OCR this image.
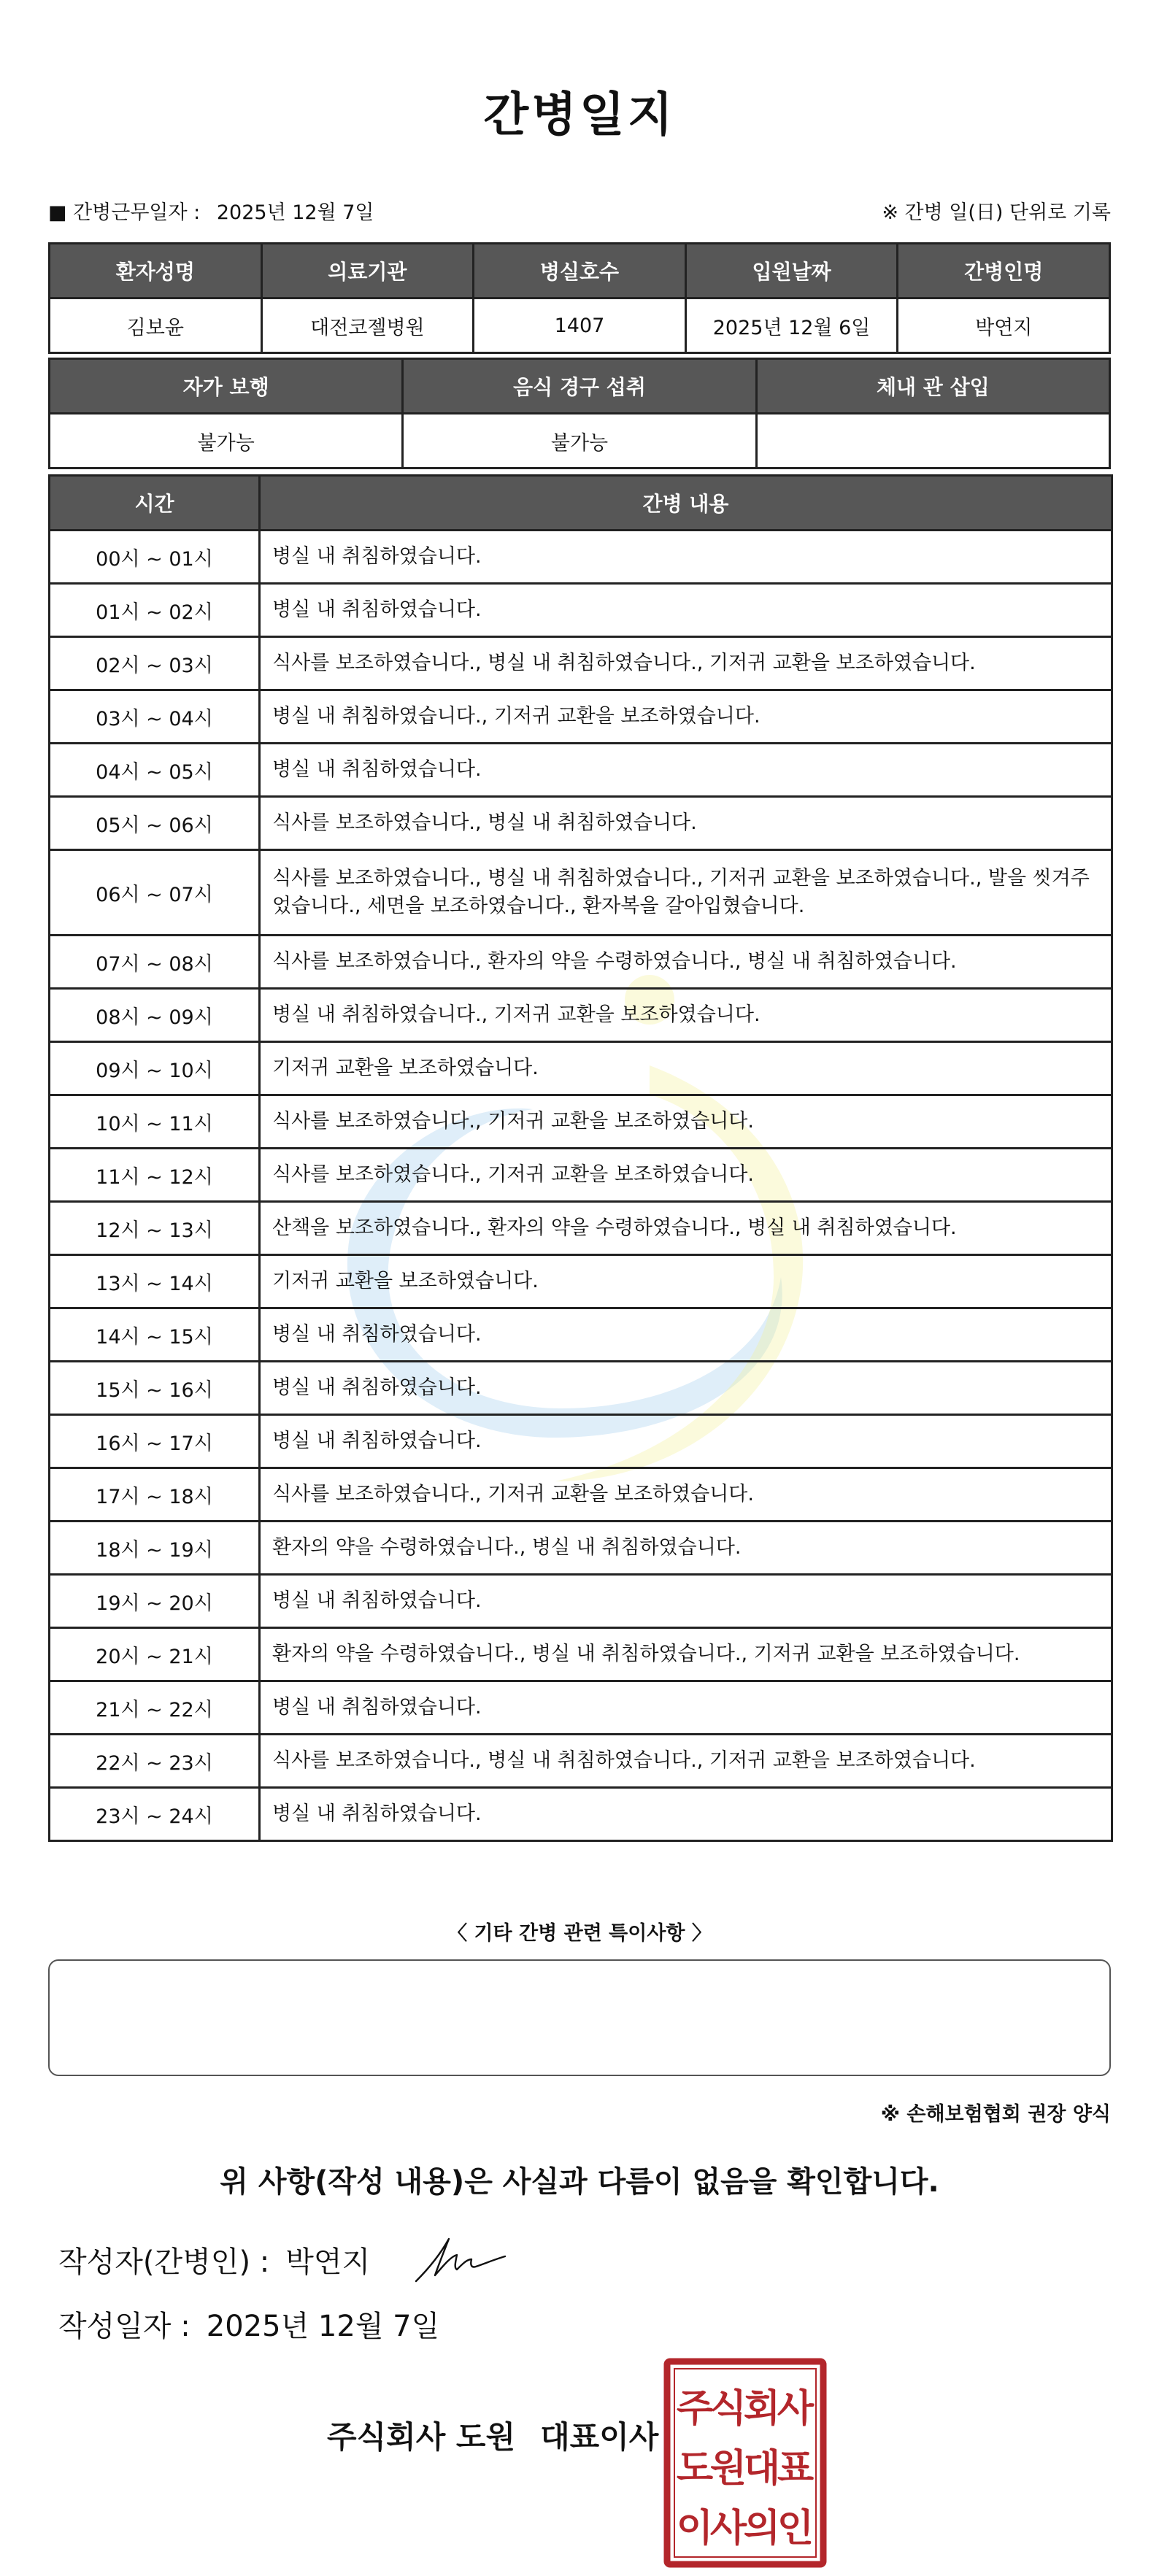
간병일지
■ 간병근무일자 : 2025년 12월 7일	※ 간병 일(日) 단위로 기록
환자성명	의료기관	병실호수	입원날짜	간병인명
김보윤	대전코젤병원	1407	2025년 12월 6일	박연지
자가 보행	음식 경구 섭취	체내 관 삽입
불가능	불가능	
시간	간병 내용
00시 ~ 01시	병실 내 취침하였습니다.
01시 ~ 02시	병실 내 취침하였습니다.
02시 ~ 03시	식사를 보조하였습니다., 병실 내 취침하였습니다., 기저귀 교환을 보조하였습니다.
03시 ~ 04시	병실 내 취침하였습니다., 기저귀 교환을 보조하였습니다.
04시 ~ 05시	병실 내 취침하였습니다.
05시 ~ 06시	식사를 보조하였습니다., 병실 내 취침하였습니다.
06시 ~ 07시	식사를 보조하였습니다., 병실 내 취침하였습니다., 기저귀 교환을 보조하였습니다., 발을 씻겨주었습니다., 세면을 보조하였습니다., 환자복을 갈아입혔습니다.
07시 ~ 08시	식사를 보조하였습니다., 환자의 약을 수령하였습니다., 병실 내 취침하였습니다.
08시 ~ 09시	병실 내 취침하였습니다., 기저귀 교환을 보조하였습니다.
09시 ~ 10시	기저귀 교환을 보조하였습니다.
10시 ~ 11시	식사를 보조하였습니다., 기저귀 교환을 보조하였습니다.
11시 ~ 12시	식사를 보조하였습니다., 기저귀 교환을 보조하였습니다.
12시 ~ 13시	산책을 보조하였습니다., 환자의 약을 수령하였습니다., 병실 내 취침하였습니다.
13시 ~ 14시	기저귀 교환을 보조하였습니다.
14시 ~ 15시	병실 내 취침하였습니다.
15시 ~ 16시	병실 내 취침하였습니다.
16시 ~ 17시	병실 내 취침하였습니다.
17시 ~ 18시	식사를 보조하였습니다., 기저귀 교환을 보조하였습니다.
18시 ~ 19시	환자의 약을 수령하였습니다., 병실 내 취침하였습니다.
19시 ~ 20시	병실 내 취침하였습니다.
20시 ~ 21시	환자의 약을 수령하였습니다., 병실 내 취침하였습니다., 기저귀 교환을 보조하였습니다.
21시 ~ 22시	병실 내 취침하였습니다.
22시 ~ 23시	식사를 보조하였습니다., 병실 내 취침하였습니다., 기저귀 교환을 보조하였습니다.
23시 ~ 24시	병실 내 취침하였습니다.
〈 기타 간병 관련 특이사항 〉
※ 손해보험협회 권장 양식
위 사항(작성 내용)은 사실과 다름이 없음을 확인합니다.
작성자(간병인) : 박연지
작성일자 : 2025년 12월 7일
주식회사 도원 대표이사
주
식
회
사
도
원
대
표
이
사
의
인
